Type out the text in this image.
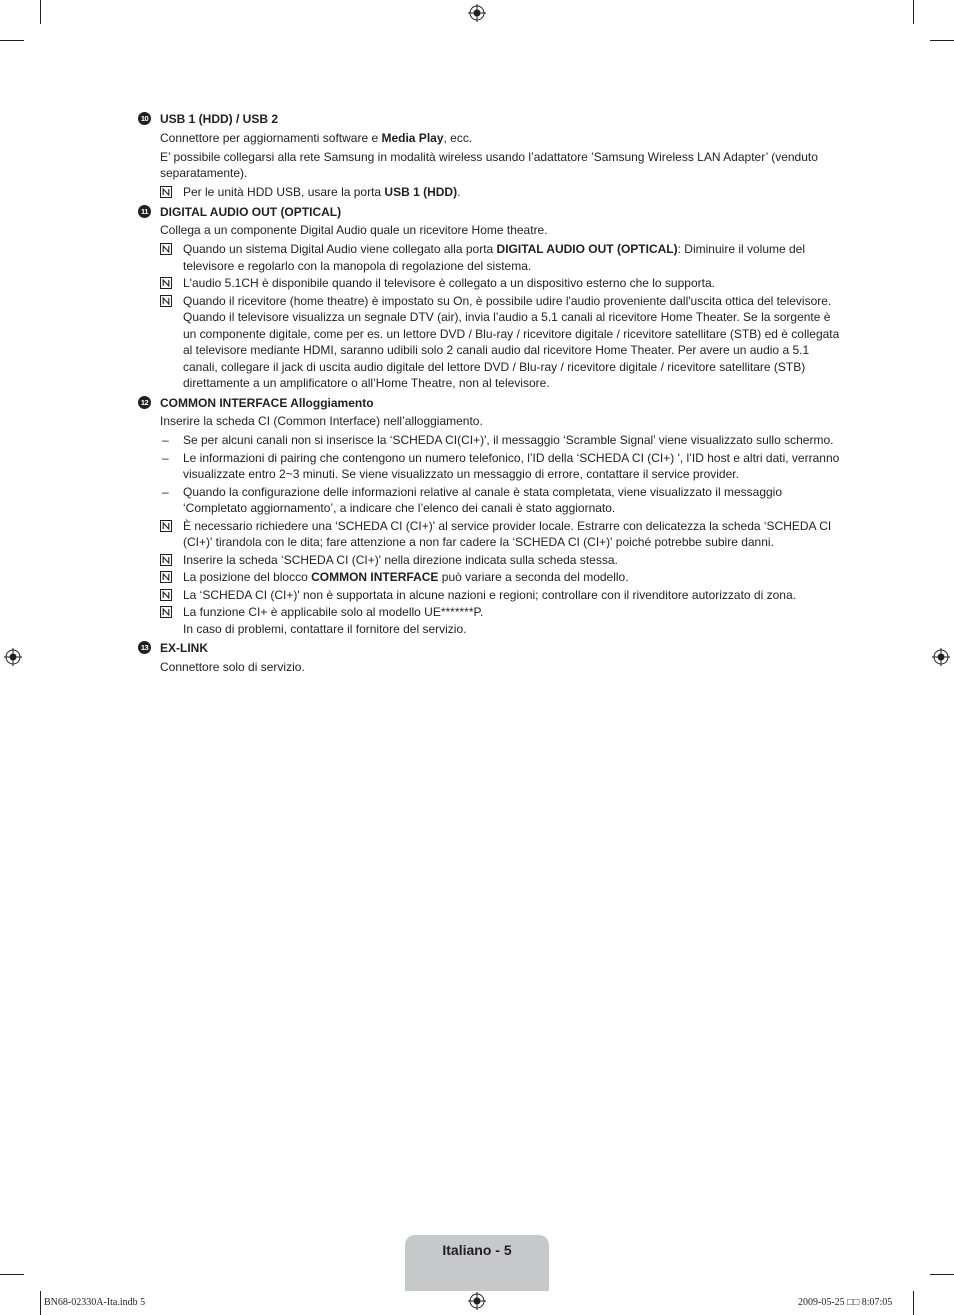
10 USB 1 (HDD) / USB 2
Connettore per aggiornamenti software e Media Play, ecc.
E’ possibile collegarsi alla rete Samsung in modalità wireless usando l’adattatore ’Samsung Wireless LAN Adapter’ (venduto separatamente).
Per le unità HDD USB, usare la porta USB 1 (HDD).
11 DIGITAL AUDIO OUT (OPTICAL)
Collega a un componente Digital Audio quale un ricevitore Home theatre.
Quando un sistema Digital Audio viene collegato alla porta DIGITAL AUDIO OUT (OPTICAL): Diminuire il volume del televisore e regolarlo con la manopola di regolazione del sistema.
L'audio 5.1CH è disponibile quando il televisore è collegato a un dispositivo esterno che lo supporta.
Quando il ricevitore (home theatre) è impostato su On, è possibile udire l'audio proveniente dall'uscita ottica del televisore. Quando il televisore visualizza un segnale DTV (air), invia l’audio a 5.1 canali al ricevitore Home Theater. Se la sorgente è un componente digitale, come per es. un lettore DVD / Blu-ray / ricevitore digitale / ricevitore satellitare (STB) ed è collegata al televisore mediante HDMI, saranno udibili solo 2 canali audio dal ricevitore Home Theater. Per avere un audio a 5.1 canali, collegare il jack di uscita audio digitale del lettore DVD / Blu-ray / ricevitore digitale / ricevitore satellitare (STB) direttamente a un amplificatore o all’Home Theatre, non al televisore.
12 COMMON INTERFACE Alloggiamento
Inserire la scheda CI (Common Interface) nell’alloggiamento.
– Se per alcuni canali non si inserisce la ‘SCHEDA CI(CI+)', il messaggio ‘Scramble Signal’ viene visualizzato sullo schermo.
– Le informazioni di pairing che contengono un numero telefonico, l’ID della ‘SCHEDA CI (CI+) ', l’ID host e altri dati, verranno visualizzate entro 2~3 minuti. Se viene visualizzato un messaggio di errore, contattare il service provider.
– Quando la configurazione delle informazioni relative al canale è stata completata, viene visualizzato il messaggio ‘Completato aggiornamento’, a indicare che l’elenco dei canali è stato aggiornato.
È necessario richiedere una ‘SCHEDA CI (CI+)' al service provider locale. Estrarre con delicatezza la scheda ‘SCHEDA CI (CI+)' tirandola con le dita; fare attenzione a non far cadere la ‘SCHEDA CI (CI+)' poiché potrebbe subire danni.
Inserire la scheda ‘SCHEDA CI (CI+)' nella direzione indicata sulla scheda stessa.
La posizione del blocco COMMON INTERFACE può variare a seconda del modello.
La ‘SCHEDA CI (CI+)' non è supportata in alcune nazioni e regioni; controllare con il rivenditore autorizzato di zona.
La funzione CI+ è applicabile solo al modello UE*******P.
In caso di problemi, contattare il fornitore del servizio.
13 EX-LINK
Connettore solo di servizio.
Italiano - 5
BN68-02330A-Ita.indb 5	2009-05-25 □□ 8:07:05
